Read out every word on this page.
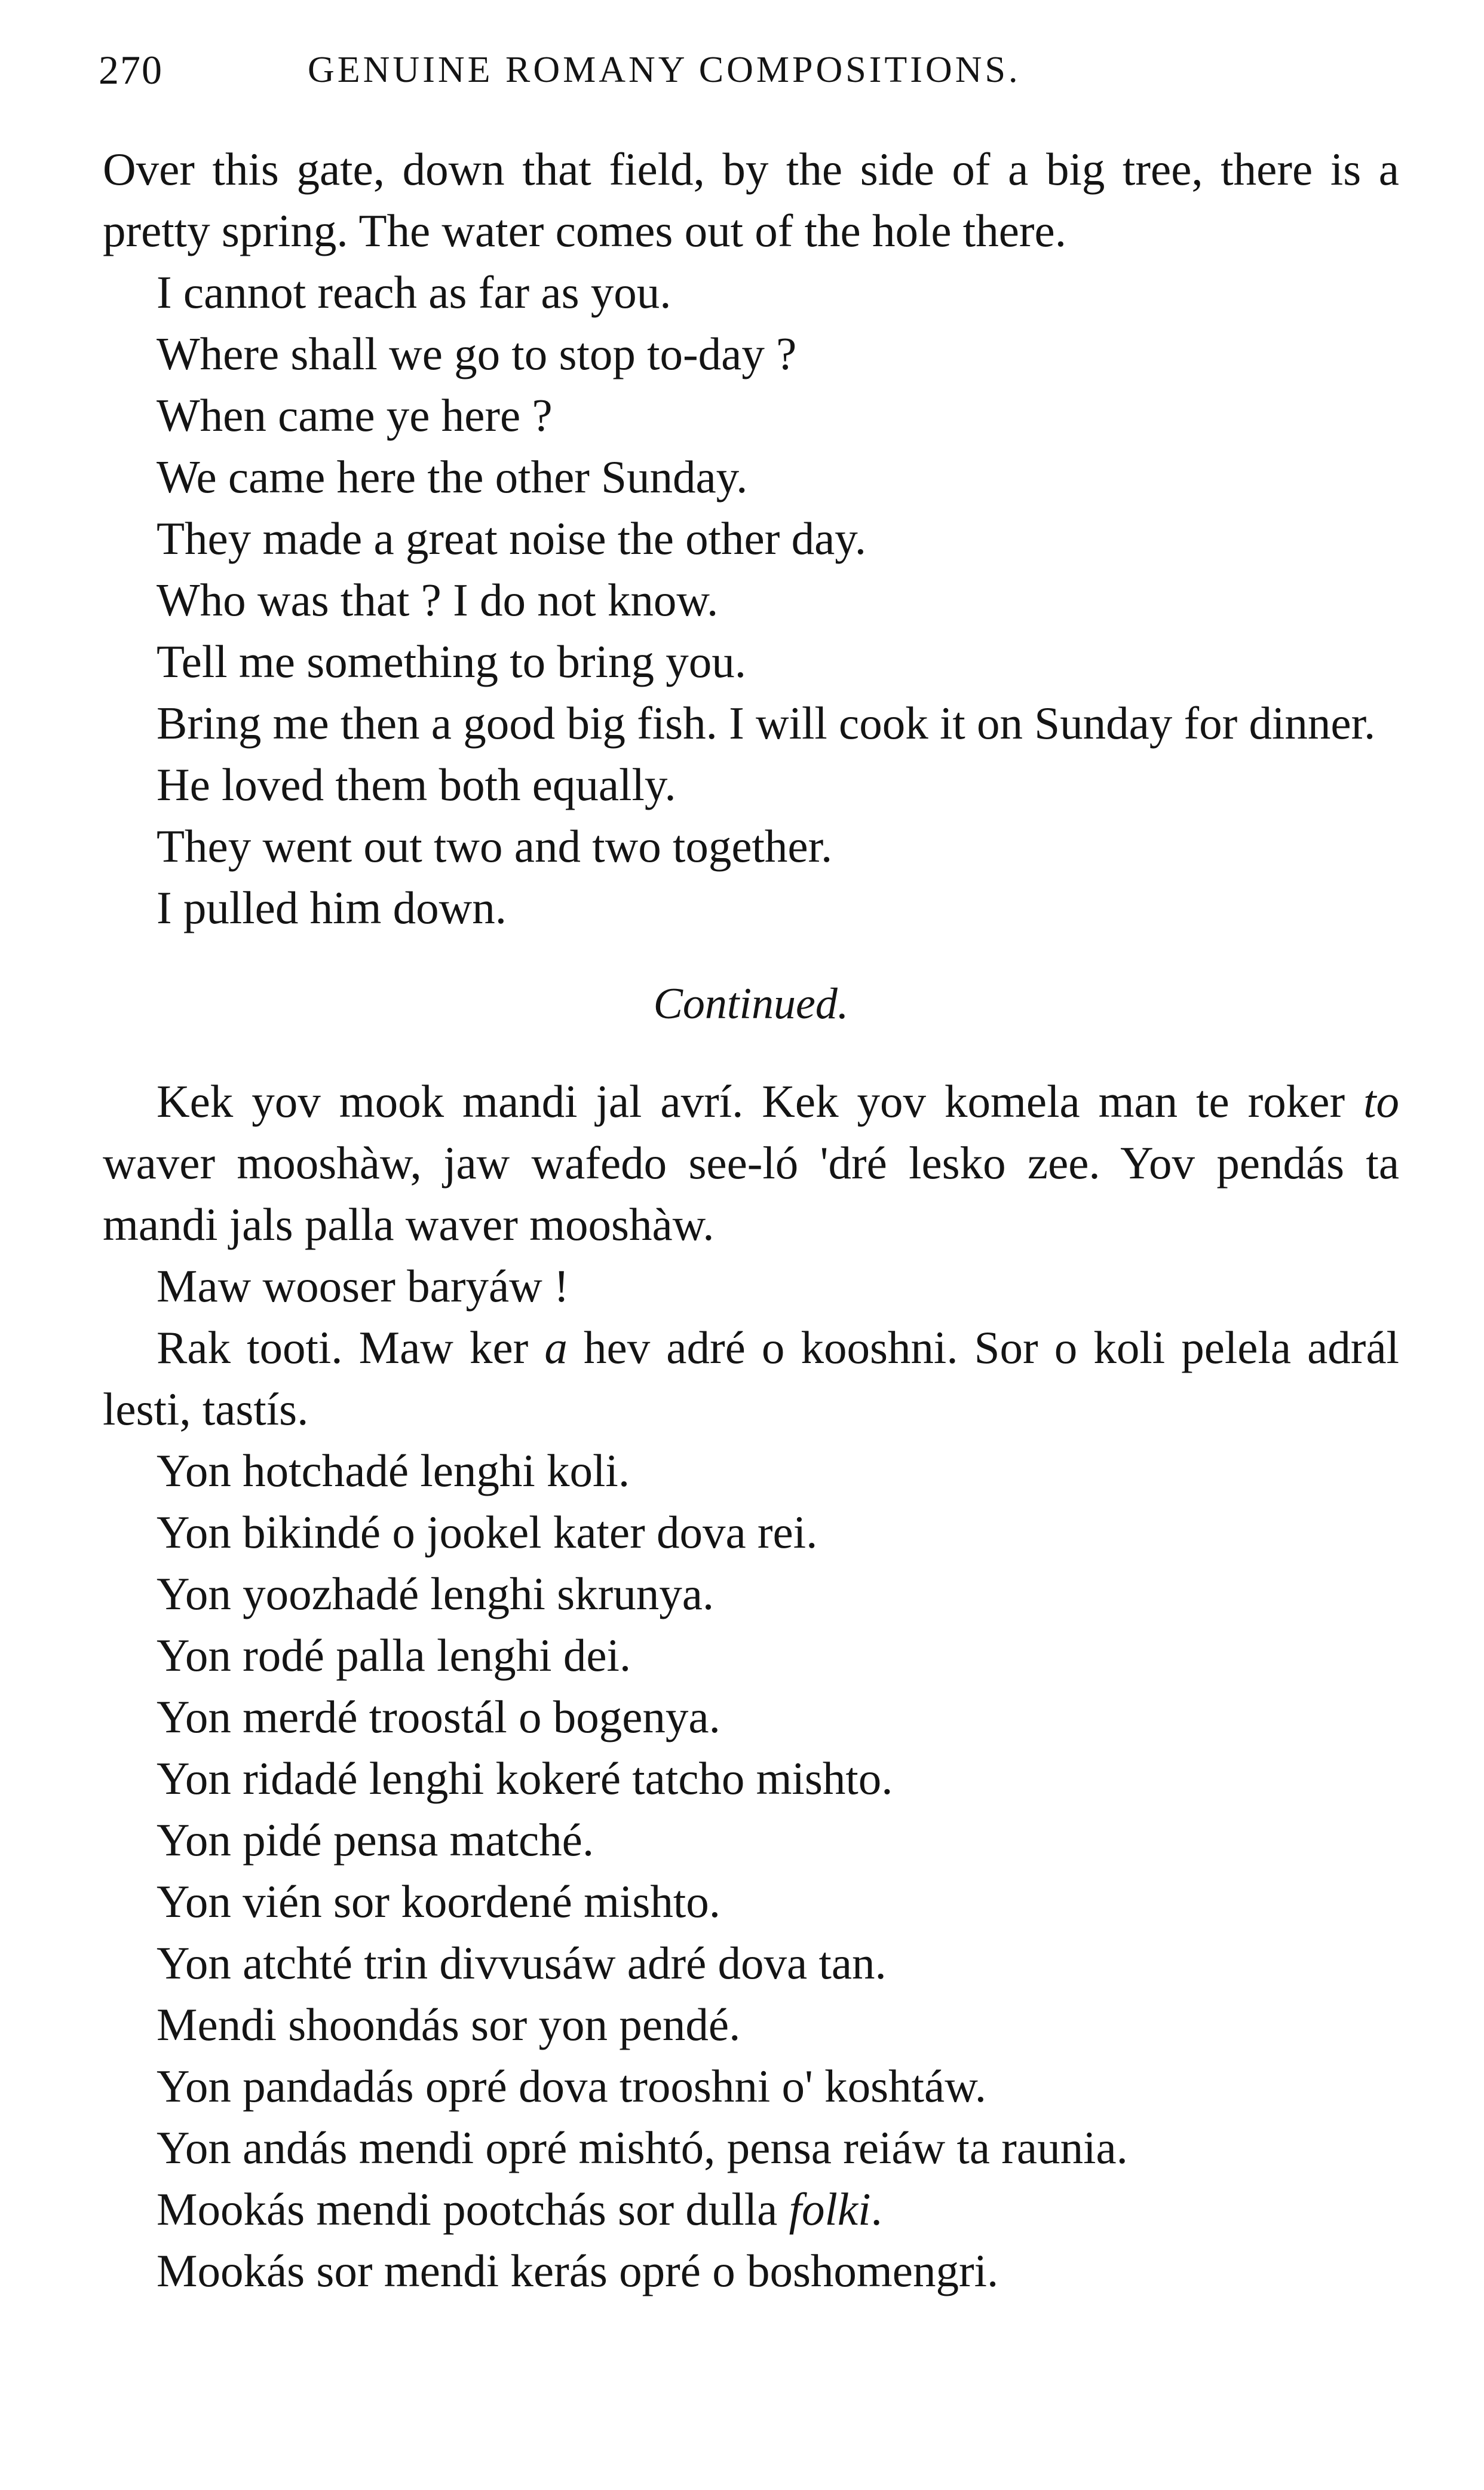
270	GENUINE ROMANY COMPOSITIONS.

Over this gate, down that field, by the side of a big tree, there is a pretty spring. The water comes out of the hole there.

I cannot reach as far as you.

Where shall we go to stop to-day ?

When came ye here ?

We came here the other Sunday.

They made a great noise the other day.

Who was that ? I do not know.

Tell me something to bring you.

Bring me then a good big fish. I will cook it on Sunday for dinner.

He loved them both equally.

They went out two and two together.

I pulled him down.

Continued.

Kek yov mook mandi jal avrí. Kek yov komela man te roker to waver mooshàw, jaw wafedo see-ló 'dré lesko zee. Yov pendás ta mandi jals palla waver mooshàw.

Maw wooser baryáw !

Rak tooti. Maw ker a hev adré o kooshni. Sor o koli pelela adrál lesti, tastís.

Yon hotchadé lenghi koli.

Yon bikindé o jookel kater dova rei.

Yon yoozhadé lenghi skrunya.

Yon rodé palla lenghi dei.

Yon merdé troostál o bogenya.

Yon ridadé lenghi kokeré tatcho mishto.

Yon pidé pensa matché.

Yon vién sor koordené mishto.

Yon atchté trin divvusáw adré dova tan.

Mendi shoondás sor yon pendé.

Yon pandadás opré dova trooshni o' koshtáw.

Yon andás mendi opré mishtó, pensa reiáw ta raunia.

Mookás mendi pootchás sor dulla folki.

Mookás sor mendi kerás opré o boshomengri.
